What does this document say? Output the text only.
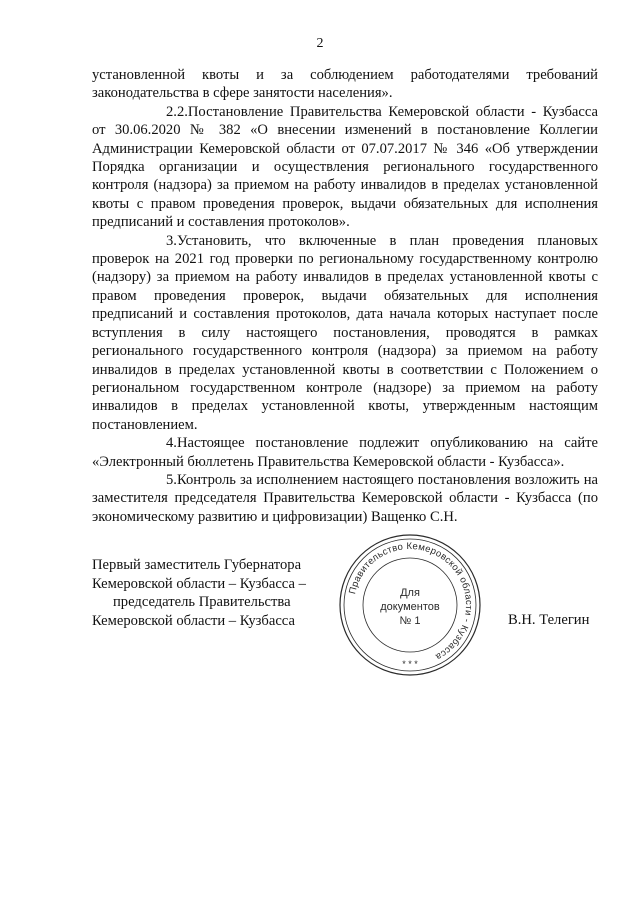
2

установленной квоты и за соблюдением работодателями требований законодательства в сфере занятости населения».

2.2.Постановление Правительства Кемеровской области - Кузбасса от 30.06.2020 № 382 «О внесении изменений в постановление Коллегии Администрации Кемеровской области от 07.07.2017 № 346 «Об утверждении Порядка организации и осуществления регионального государственного контроля (надзора) за приемом на работу инвалидов в пределах установленной квоты с правом проведения проверок, выдачи обязательных для исполнения предписаний и составления протоколов».

3.Установить, что включенные в план проведения плановых проверок на 2021 год проверки по региональному государственному контролю (надзору) за приемом на работу инвалидов в пределах установленной квоты с правом проведения проверок, выдачи обязательных для исполнения предписаний и составления протоколов, дата начала которых наступает после вступления в силу настоящего постановления, проводятся в рамках регионального государственного контроля (надзора) за приемом на работу инвалидов в пределах установленной квоты в соответствии с Положением о региональном государственном контроле (надзоре) за приемом на работу инвалидов в пределах установленной квоты, утвержденным настоящим постановлением.

4.Настоящее постановление подлежит опубликованию на сайте «Электронный бюллетень Правительства Кемеровской области - Кузбасса».

5.Контроль за исполнением настоящего постановления возложить на заместителя председателя Правительства Кемеровской области - Кузбасса (по экономическому развитию и цифровизации) Ващенко С.Н.

Первый заместитель Губернатора
Кемеровской области – Кузбасса –
председатель Правительства
Кемеровской области – Кузбасса
Правительство Кемеровской области - Кузбасса
* * *
Для
документов
№ 1	В.Н. Телегин
